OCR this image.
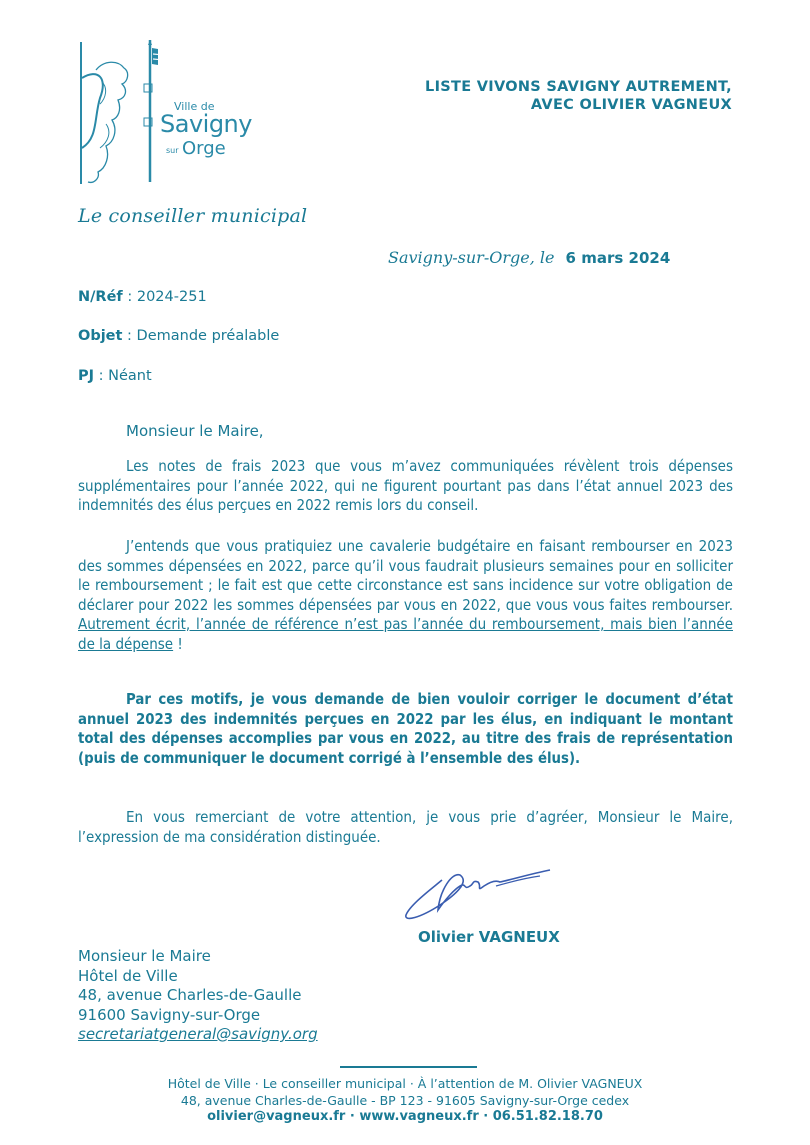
Ville de
Savigny
sur Orge
LISTE VIVONS SAVIGNY AUTREMENT,
AVEC OLIVIER VAGNEUX
Le conseiller municipal
Savigny-sur-Orge, le 6 mars 2024
N/Réf : 2024-251
Objet : Demande préalable
PJ : Néant
Monsieur le Maire,
Les notes de frais 2023 que vous m’avez communiquées révèlent trois dépenses supplémentaires pour l’année 2022, qui ne figurent pourtant pas dans l’état annuel 2023 des indemnités des élus perçues en 2022 remis lors du conseil.
J’entends que vous pratiquiez une cavalerie budgétaire en faisant rembourser en 2023 des sommes dépensées en 2022, parce qu’il vous faudrait plusieurs semaines pour en solliciter le remboursement ; le fait est que cette circonstance est sans incidence sur votre obligation de déclarer pour 2022 les sommes dépensées par vous en 2022, que vous vous faites rembourser. Autrement écrit, l’année de référence n’est pas l’année du remboursement, mais bien l’année de la dépense !
Par ces motifs, je vous demande de bien vouloir corriger le document d’état annuel 2023 des indemnités perçues en 2022 par les élus, en indiquant le montant total des dépenses accomplies par vous en 2022, au titre des frais de représentation (puis de communiquer le document corrigé à l’ensemble des élus).
En vous remerciant de votre attention, je vous prie d’agréer, Monsieur le Maire, l’expression de ma considération distinguée.
Olivier VAGNEUX
Monsieur le Maire
Hôtel de Ville
48, avenue Charles-de-Gaulle
91600 Savigny-sur-Orge
secretariatgeneral@savigny.org
Hôtel de Ville · Le conseiller municipal · À l’attention de M. Olivier VAGNEUX
48, avenue Charles-de-Gaulle - BP 123 - 91605 Savigny-sur-Orge cedex
olivier@vagneux.fr · www.vagneux.fr · 06.51.82.18.70
